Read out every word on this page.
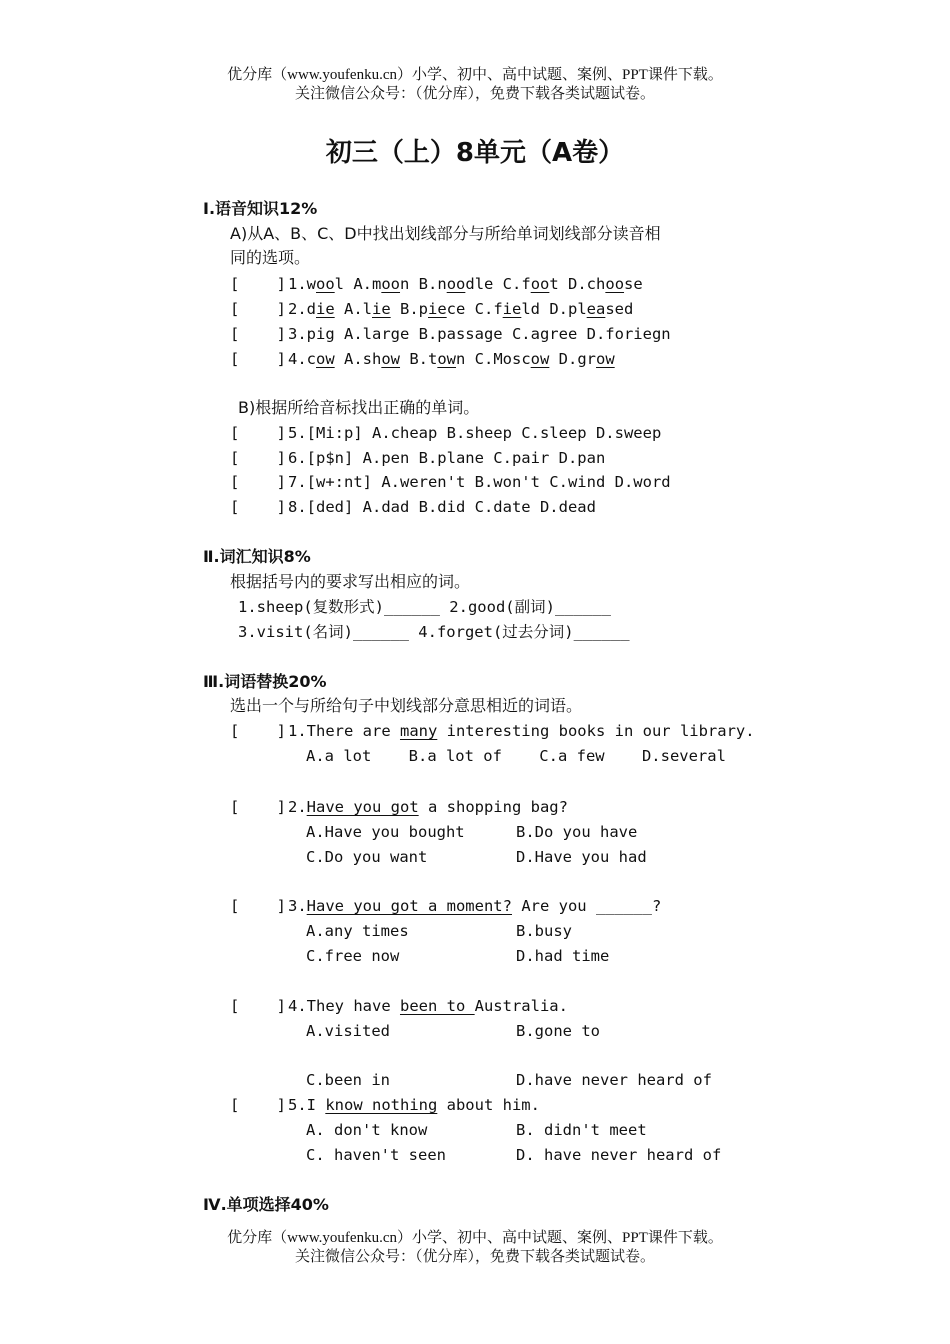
优分库（www.youfenku.cn）小学、初中、高中试题、案例、PPT课件下载。
关注微信公众号：（优分库），免费下载各类试题试卷。
初三（上）8单元（A卷）
Ⅰ.语音知识12%
A)从A、B、C、D中找出划线部分与所给单词划线部分读音相
同的选项。
[    ] 1.wool A.moon B.noodle C.foot D.choose
[    ] 2.die A.lie B.piece C.field D.pleased
[    ] 3.pig A.large B.passage C.agree D.foriegn
[    ] 4.cow A.show B.town C.Moscow D.grow
B)根据所给音标找出正确的单词。
[    ] 5.[Mi:p] A.cheap B.sheep C.sleep D.sweep
[    ] 6.[p$n] A.pen B.plane C.pair D.pan
[    ] 7.[w+:nt] A.weren't B.won't C.wind D.word
[    ] 8.[ded] A.dad B.did C.date D.dead
Ⅱ.词汇知识8%
根据括号内的要求写出相应的词。
1.sheep(复数形式)______ 2.good(副词)______
3.visit(名词)______ 4.forget(过去分词)______
Ⅲ.词语替换20%
选出一个与所给句子中划线部分意思相近的词语。
[    ] 1.There are many interesting books in our library.
A.a lot    B.a lot of    C.a few    D.several
[    ] 2.Have you got a shopping bag?
A.Have you bought	B.Do you have
C.Do you want	D.Have you had
[    ] 3.Have you got a moment? Are you ______?
A.any times	B.busy
C.free now	D.had time
[    ] 4.They have been to Australia.
A.visited	B.gone to
C.been in	D.have never heard of
[    ] 5.I know nothing about him.
A. don't know	B. didn't meet
C. haven't seen	D. have never heard of
Ⅳ.单项选择40%
优分库（www.youfenku.cn）小学、初中、高中试题、案例、PPT课件下载。
关注微信公众号：（优分库），免费下载各类试题试卷。
